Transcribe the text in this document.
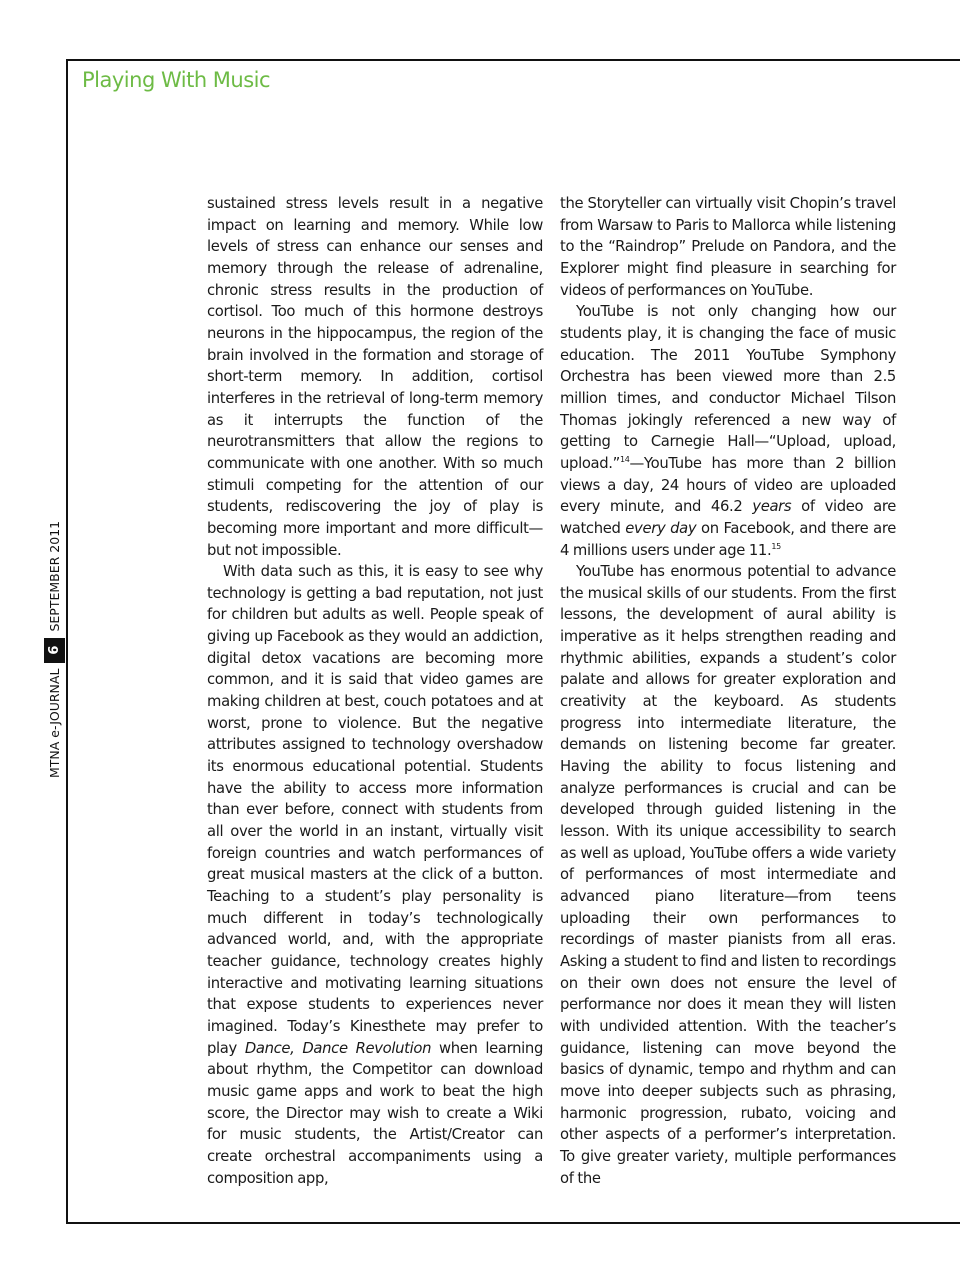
Playing With Music
MTNA e-JOURNAL
6
SEPTEMBER 2011

sustained stress levels result in a negative impact on learning and memory. While low levels of stress can enhance our senses and memory through the release of adrenaline, chronic stress results in the production of cortisol. Too much of this hormone destroys neurons in the hippocampus, the region of the brain involved in the formation and storage of short-term memory. In addition, cortisol interferes in the retrieval of long-term memory as it interrupts the function of the neurotransmitters that allow the regions to communicate with one another. With so much stimuli competing for the attention of our students, rediscovering the joy of play is becoming more important and more difficult—but not impossible.

With data such as this, it is easy to see why technology is getting a bad reputation, not just for children but adults as well. People speak of giving up Facebook as they would an addiction, digital detox vacations are becoming more common, and it is said that video games are making children at best, couch potatoes and at worst, prone to violence. But the negative attributes assigned to technology overshadow its enormous educational potential. Students have the ability to access more information than ever before, connect with students from all over the world in an instant, virtually visit foreign countries and watch performances of great musical masters at the click of a button. Teaching to a student’s play personality is much different in today’s technologically advanced world, and, with the appropriate teacher guidance, technology creates highly interactive and motivating learning situations that expose students to experiences never imagined. Today’s Kinesthete may prefer to play Dance, Dance Revolution when learning about rhythm, the Competitor can download music game apps and work to beat the high score, the Director may wish to create a Wiki for music students, the Artist/Creator can create orchestral accompaniments using a composition app,

the Storyteller can virtually visit Chopin’s travel from Warsaw to Paris to Mallorca while listening to the “Raindrop” Prelude on Pandora, and the Explorer might find pleasure in searching for videos of performances on YouTube.

YouTube is not only changing how our students play, it is changing the face of music education. The 2011 YouTube Symphony Orchestra has been viewed more than 2.5 million times, and conductor Michael Tilson Thomas jokingly referenced a new way of getting to Carnegie Hall—“Upload, upload, upload.”$^{14}$—YouTube has more than 2 billion views a day, 24 hours of video are uploaded every minute, and 46.2 years of video are watched every day on Facebook, and there are 4 millions users under age 11.15

YouTube has enormous potential to advance the musical skills of our students. From the first lessons, the development of aural ability is imperative as it helps strengthen reading and rhythmic abilities, expands a student’s color palate and allows for greater exploration and creativity at the keyboard. As students progress into intermediate literature, the demands on listening become far greater. Having the ability to focus listening and analyze performances is crucial and can be developed through guided listening in the lesson. With its unique accessibility to search as well as upload, YouTube offers a wide variety of performances of most intermediate and advanced piano literature—from teens uploading their own performances to recordings of master pianists from all eras. Asking a student to find and listen to recordings on their own does not ensure the level of performance nor does it mean they will listen with undivided attention. With the teacher’s guidance, listening can move beyond the basics of dynamic, tempo and rhythm and can move into deeper subjects such as phrasing, harmonic progression, rubato, voicing and other aspects of a performer’s interpretation. To give greater variety, multiple performances of the
